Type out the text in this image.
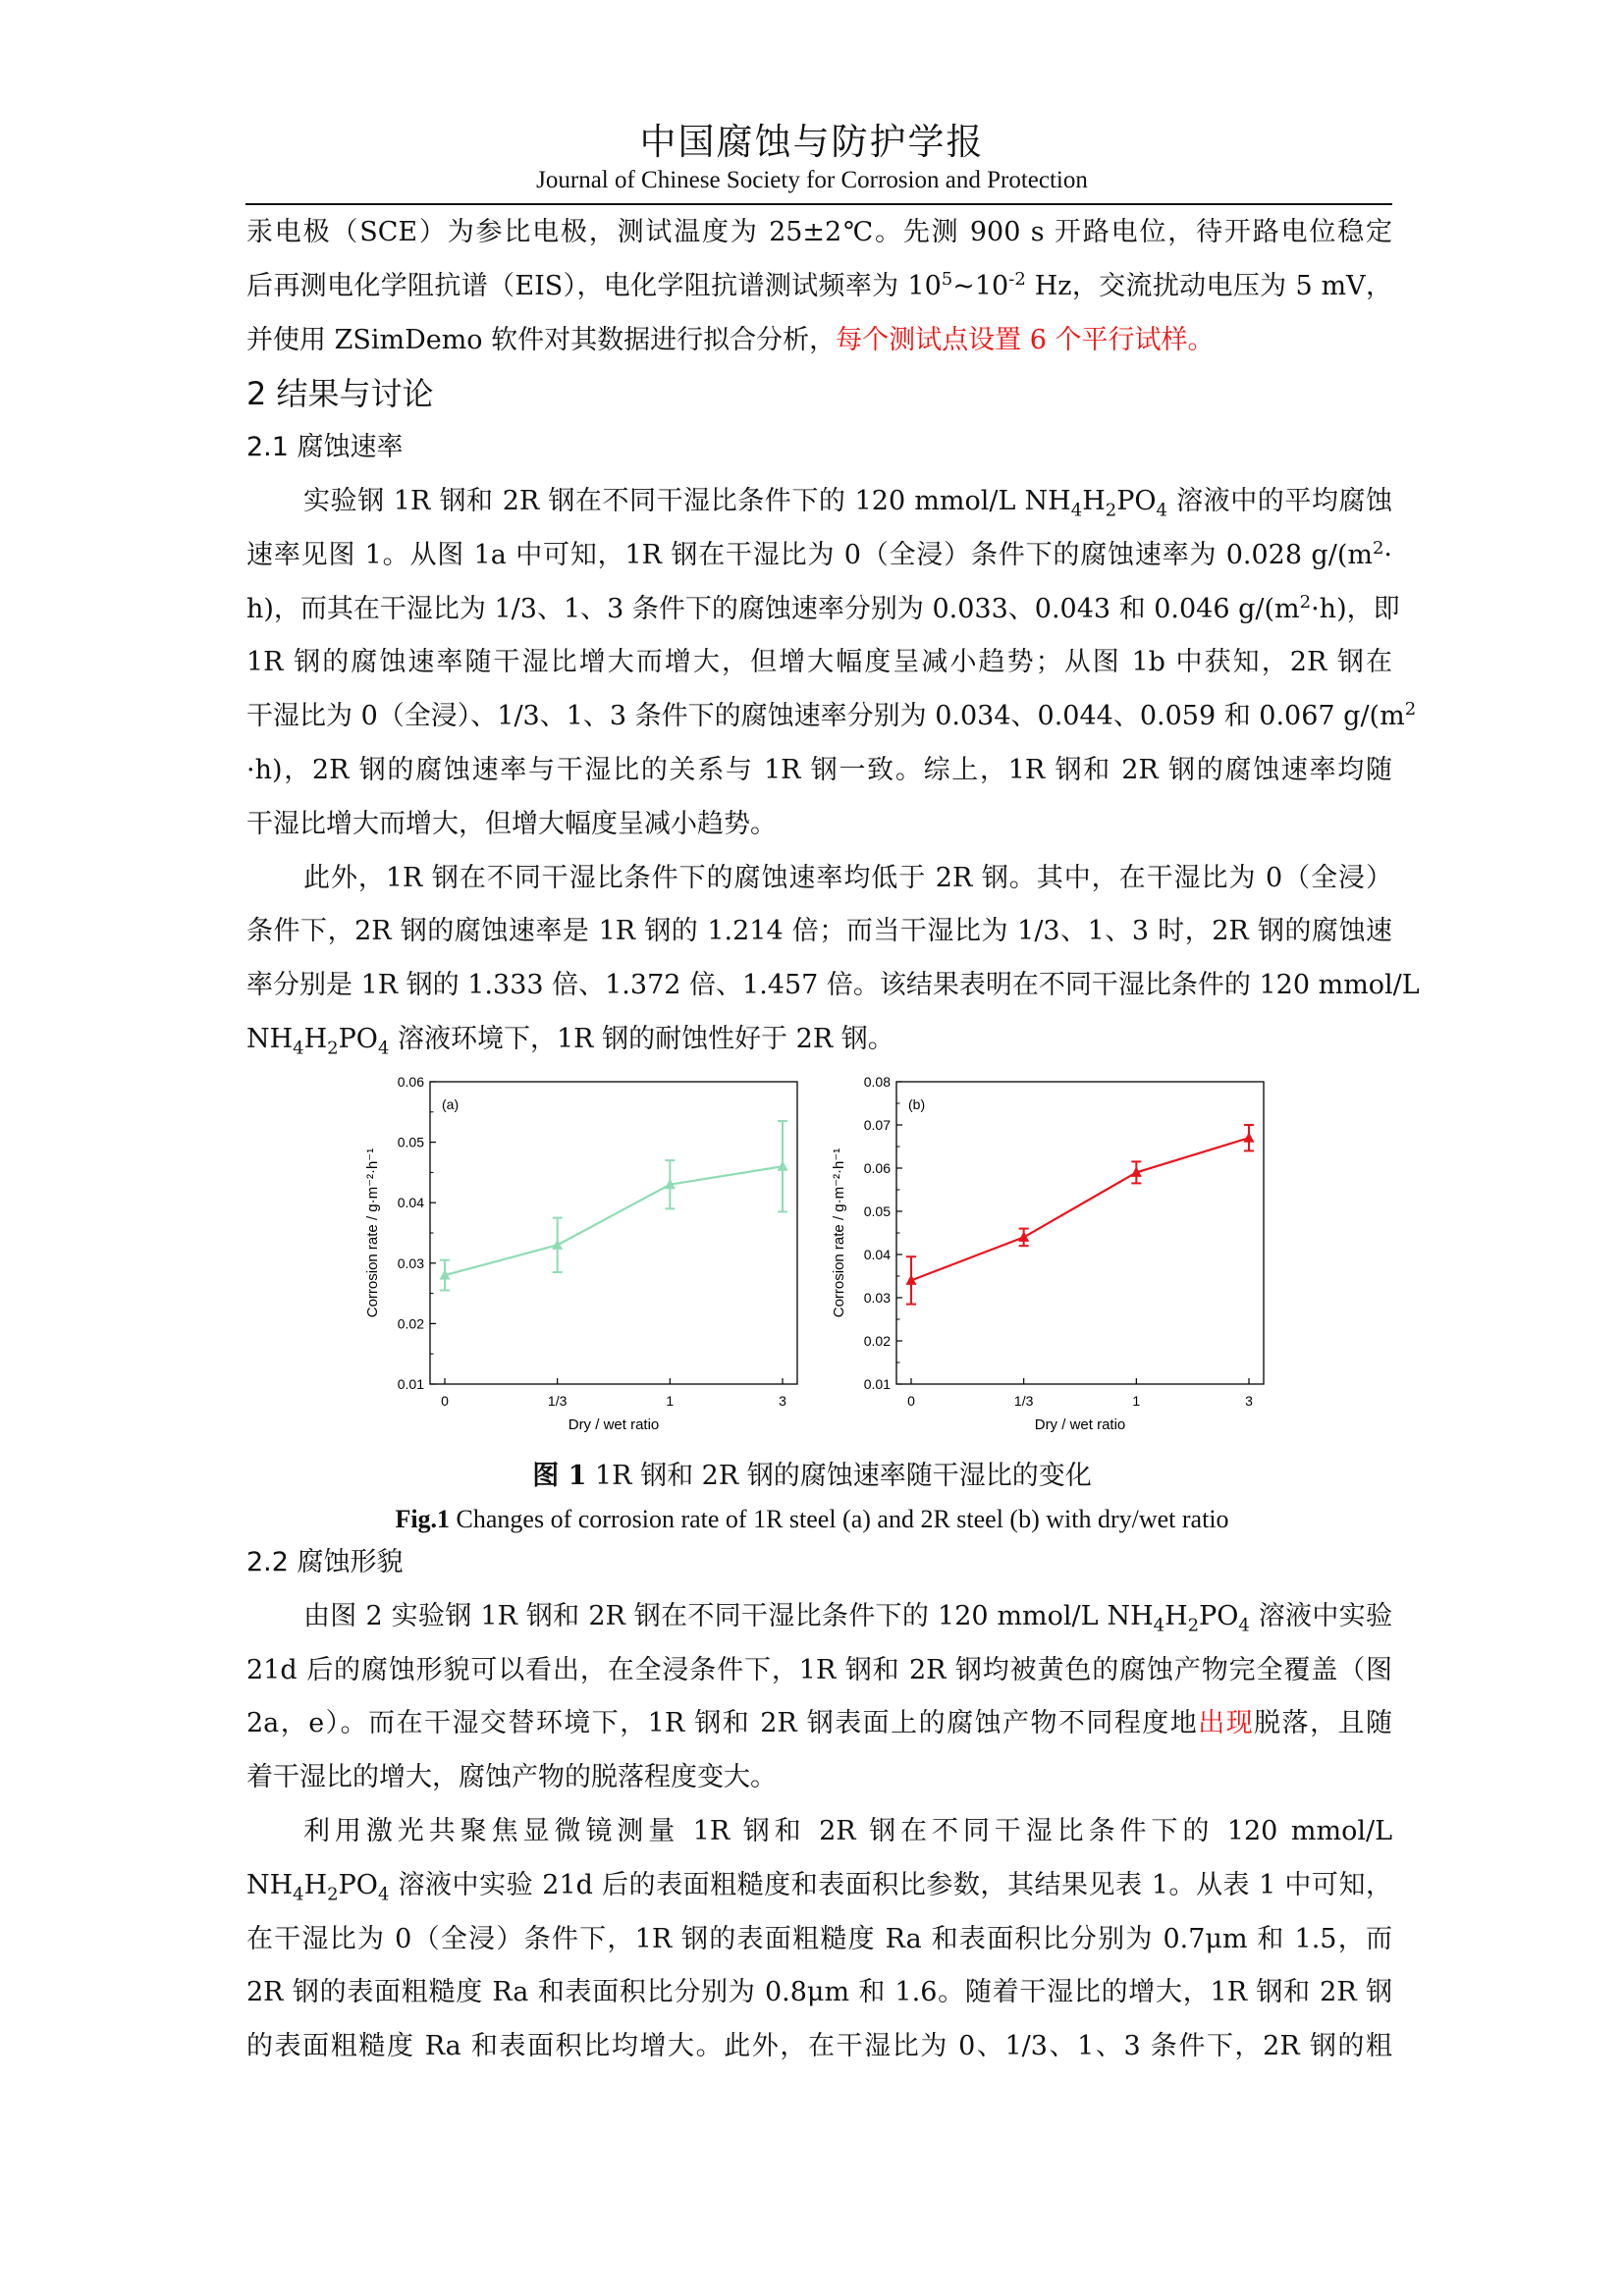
中国腐蚀与防护学报
Journal of Chinese Society for Corrosion and Protection
汞电极（SCE）为参比电极，测试温度为 25±2℃。先测 900 s 开路电位，待开路电位稳定
后再测电化学阻抗谱（EIS），电化学阻抗谱测试频率为 $10^5\sim 10^{-2}$ Hz，交流扰动电压为 5 mV，
并使用 ZSimDemo 软件对其数据进行拟合分析，每个测试点设置 6 个平行试样。
2 结果与讨论
2.1 腐蚀速率
实验钢 1R 钢和 2R 钢在不同干湿比条件下的 120 mmol/L $NH_4H_2PO_4$ 溶液中的平均腐蚀
速率见图 1。从图 1a 中可知，1R 钢在干湿比为 0（全浸）条件下的腐蚀速率为 0.028 $g/(m^2\cdot$
h)，而其在干湿比为 1/3、1、3 条件下的腐蚀速率分别为 0.033、0.043 和 0.046 $g/(m^2\cdot h)$，即
1R 钢的腐蚀速率随干湿比增大而增大，但增大幅度呈减小趋势；从图 1b 中获知，2R 钢在
干湿比为 0（全浸）、1/3、1、3 条件下的腐蚀速率分别为 0.034、0.044、0.059 和 0.067 $g/(m^2$
·h)，2R 钢的腐蚀速率与干湿比的关系与 1R 钢一致。综上，1R 钢和 2R 钢的腐蚀速率均随
干湿比增大而增大，但增大幅度呈减小趋势。
此外，1R 钢在不同干湿比条件下的腐蚀速率均低于 2R 钢。其中，在干湿比为 0（全浸）
条件下，2R 钢的腐蚀速率是 1R 钢的 1.214 倍；而当干湿比为 1/3、1、3 时，2R 钢的腐蚀速
率分别是 1R 钢的 1.333 倍、1.372 倍、1.457 倍。该结果表明在不同干湿比条件的 120 mmol/L
$NH_4H_2PO_4$ 溶液环境下，1R 钢的耐蚀性好于 2R 钢。
0.01
0.02
0.03
0.04
0.05
0.06
0	1/3	1	3
Dry / wet ratio
Corrosion rate / g·m⁻²·h⁻¹
(a)
0.01
0.02
0.03
0.04
0.05
0.06
0.07
0.08
0	1/3	1	3
Dry / wet ratio
Corrosion rate / g·m⁻²·h⁻¹
(b)
图 1 1R 钢和 2R 钢的腐蚀速率随干湿比的变化
Fig.1 Changes of corrosion rate of 1R steel (a) and 2R steel (b) with dry/wet ratio
2.2 腐蚀形貌
由图 2 实验钢 1R 钢和 2R 钢在不同干湿比条件下的 120 mmol/L $NH_4H_2PO_4$ 溶液中实验
21d 后的腐蚀形貌可以看出，在全浸条件下，1R 钢和 2R 钢均被黄色的腐蚀产物完全覆盖（图
2a，e）。而在干湿交替环境下，1R 钢和 2R 钢表面上的腐蚀产物不同程度地出现脱落，且随
着干湿比的增大，腐蚀产物的脱落程度变大。
利用激光共聚焦显微镜测量 1R 钢和 2R 钢在不同干湿比条件下的 120 mmol/L
$NH_4H_2PO_4$ 溶液中实验 21d 后的表面粗糙度和表面积比参数，其结果见表 1。从表 1 中可知，
在干湿比为 0（全浸）条件下，1R 钢的表面粗糙度 Ra 和表面积比分别为 0.7μm 和 1.5，而
2R 钢的表面粗糙度 Ra 和表面积比分别为 0.8μm 和 1.6。随着干湿比的增大，1R 钢和 2R 钢
的表面粗糙度 Ra 和表面积比均增大。此外，在干湿比为 0、1/3、1、3 条件下，2R 钢的粗
